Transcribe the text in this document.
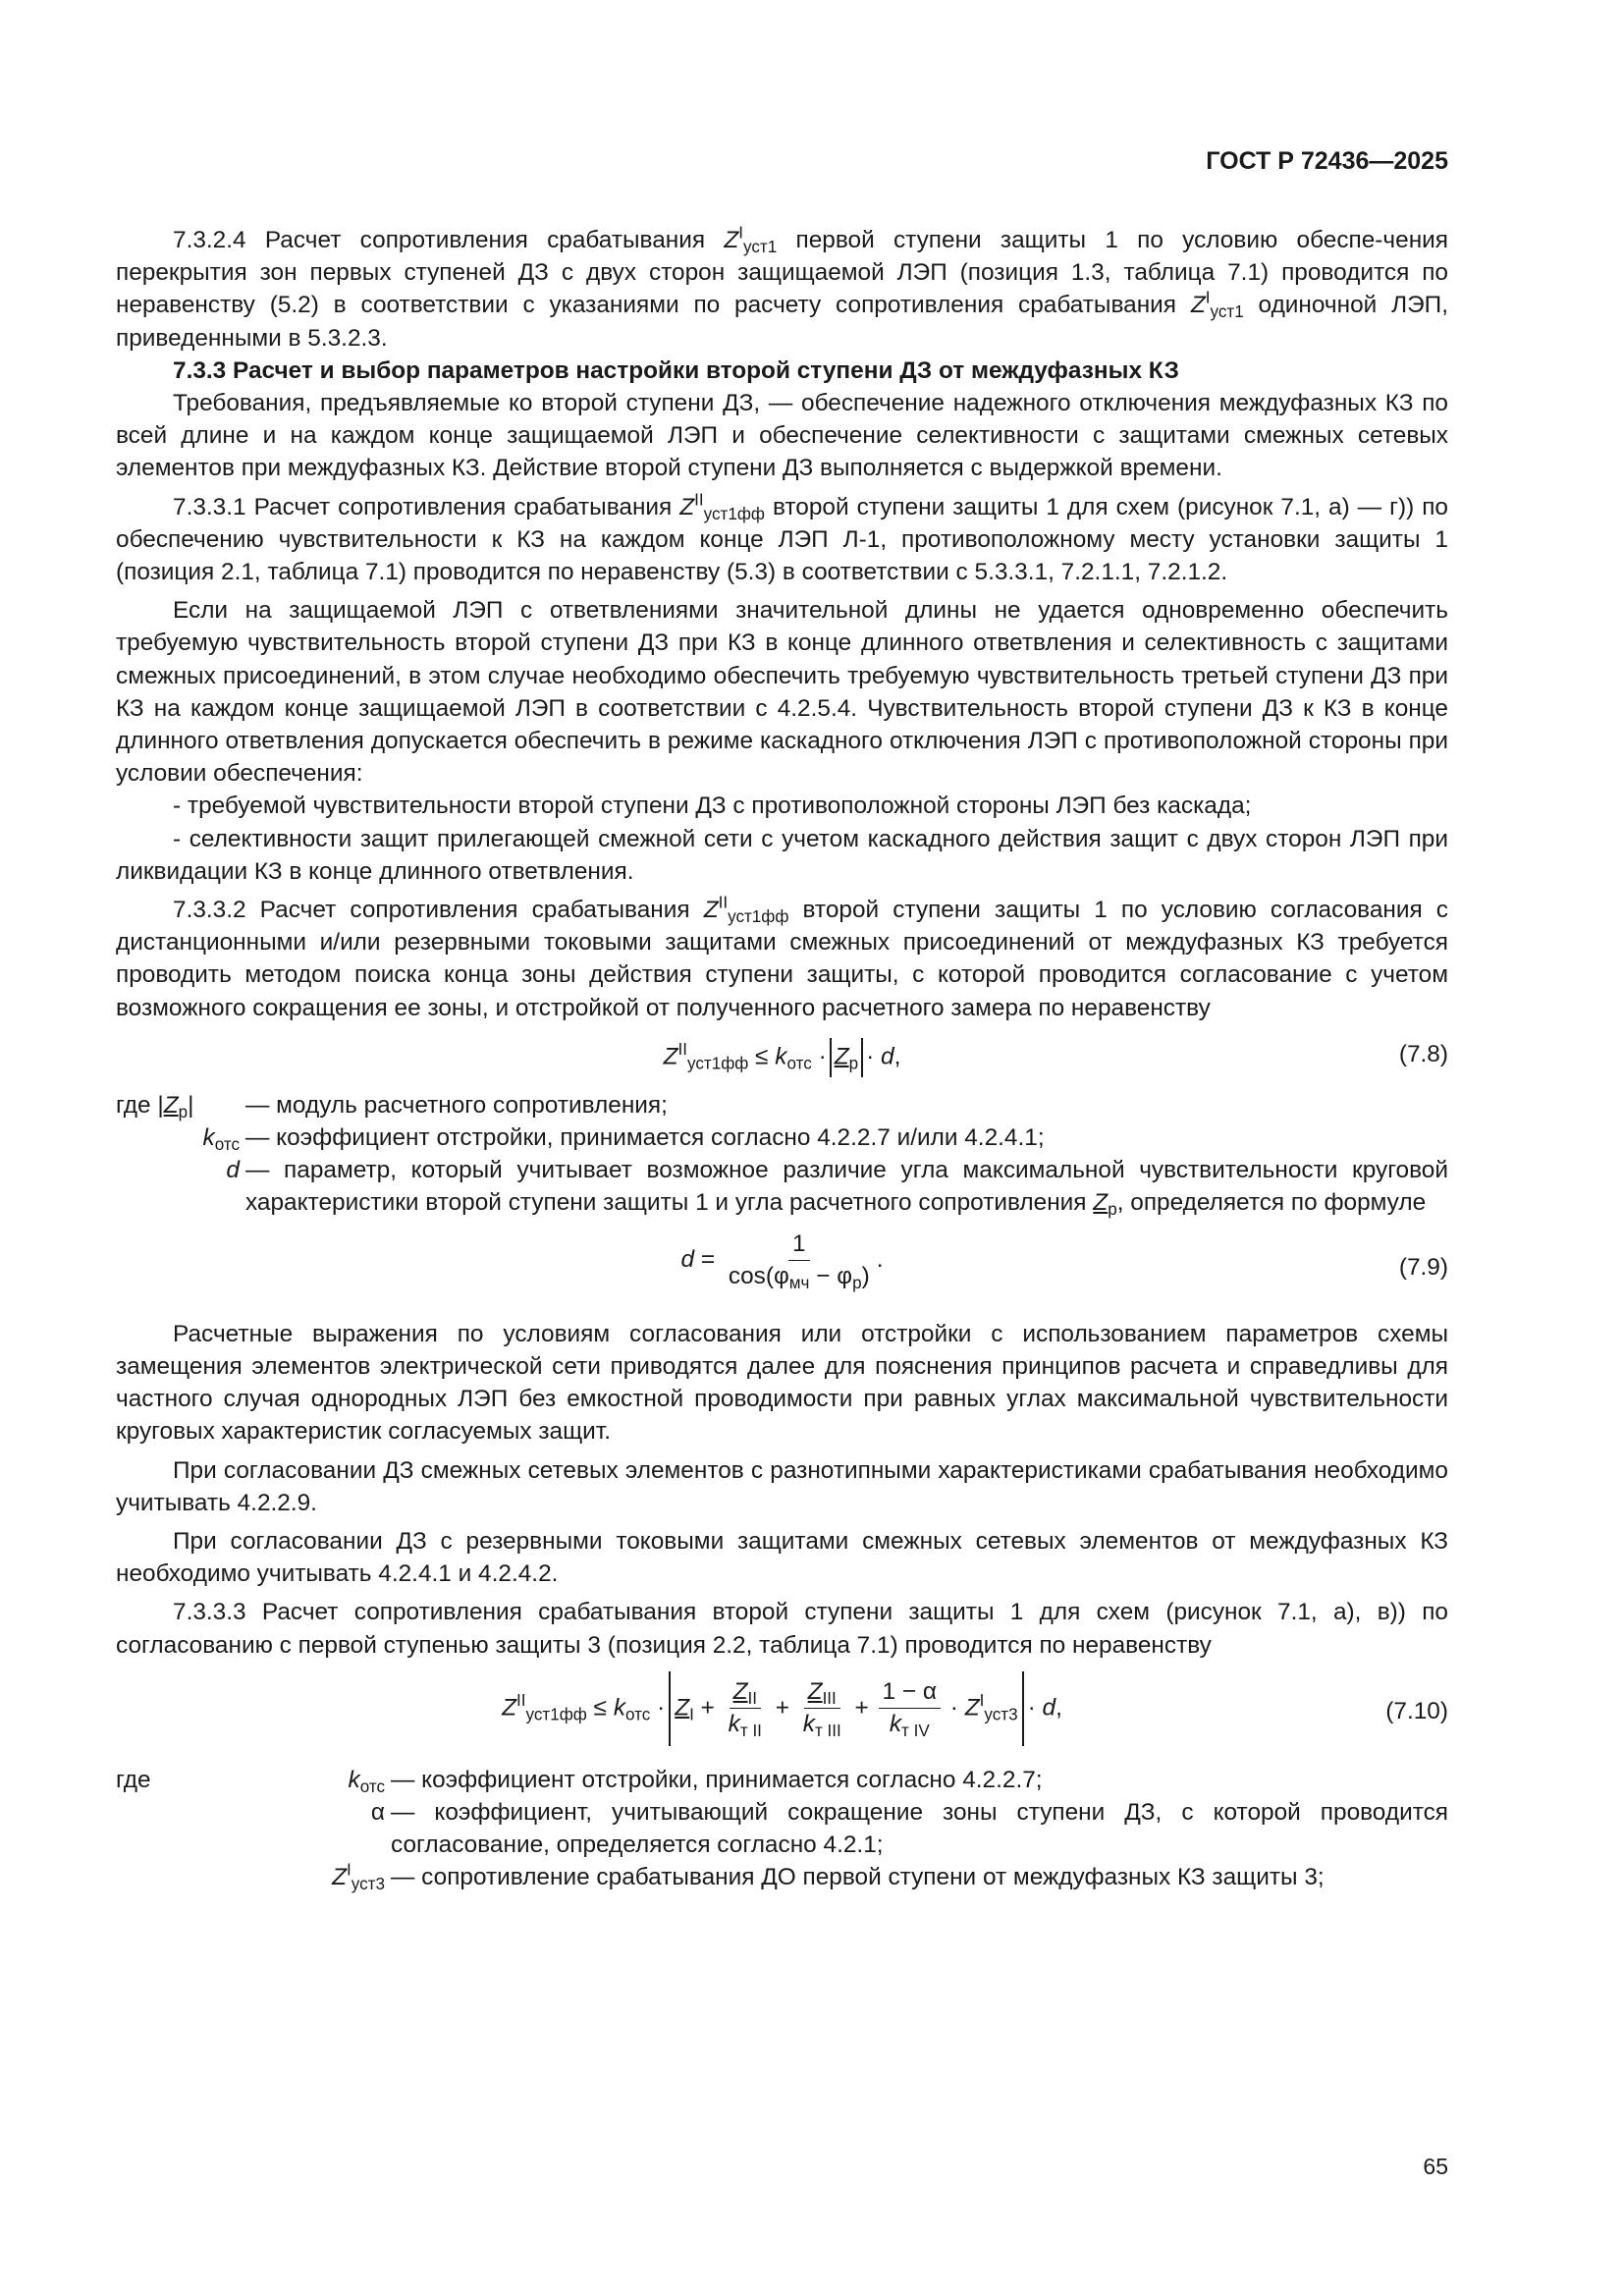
ГОСТ Р 72436—2025

7.3.2.4 Расчет сопротивления срабатывания $Z^I_{уст1}$ первой ступени защиты 1 по условию обеспе-чения перекрытия зон первых ступеней ДЗ с двух сторон защищаемой ЛЭП (позиция 1.3, таблица 7.1) проводится по неравенству (5.2) в соответствии с указаниями по расчету сопротивления срабатывания $Z^I_{уст1}$ одиночной ЛЭП, приведенными в 5.3.2.3.

7.3.3 Расчет и выбор параметров настройки второй ступени ДЗ от междуфазных КЗ

Требования, предъявляемые ко второй ступени ДЗ, — обеспечение надежного отключения междуфазных КЗ по всей длине и на каждом конце защищаемой ЛЭП и обеспечение селективности с защитами смежных сетевых элементов при междуфазных КЗ. Действие второй ступени ДЗ выполняется с выдержкой времени.

7.3.3.1 Расчет сопротивления срабатывания $Z^{II}_{уст1фф}$ второй ступени защиты 1 для схем (рисунок 7.1, а) — г)) по обеспечению чувствительности к КЗ на каждом конце ЛЭП Л-1, противоположному месту установки защиты 1 (позиция 2.1, таблица 7.1) проводится по неравенству (5.3) в соответствии с 5.3.3.1, 7.2.1.1, 7.2.1.2.

Если на защищаемой ЛЭП с ответвлениями значительной длины не удается одновременно обеспечить требуемую чувствительность второй ступени ДЗ при КЗ в конце длинного ответвления и селективность с защитами смежных присоединений, в этом случае необходимо обеспечить требуемую чувствительность третьей ступени ДЗ при КЗ на каждом конце защищаемой ЛЭП в соответствии с 4.2.5.4. Чувствительность второй ступени ДЗ к КЗ в конце длинного ответвления допускается обеспечить в режиме каскадного отключения ЛЭП с противоположной стороны при условии обеспечения:

- требуемой чувствительности второй ступени ДЗ с противоположной стороны ЛЭП без каскада;

- селективности защит прилегающей смежной сети с учетом каскадного действия защит с двух сторон ЛЭП при ликвидации КЗ в конце длинного ответвления.

7.3.3.2 Расчет сопротивления срабатывания $Z^{II}_{уст1фф}$ второй ступени защиты 1 по условию согласования с дистанционными и/или резервными токовыми защитами смежных присоединений от междуфазных КЗ требуется проводить методом поиска конца зоны действия ступени защиты, с которой проводится согласование с учетом возможного сокращения ее зоны, и отстройкой от полученного расчетного замера по неравенству

$Z^{II}_{уст1фф} \le k_{отс} \cdot Z_р \cdot d$,	(7.8)
где $|Z_р|$ — модуль расчетного сопротивления;
$k_{отс}$ — коэффициент отстройки, принимается согласно 4.2.2.7 и/или 4.2.4.1;
d — параметр, который учитывает возможное различие угла максимальной чувствительности круговой характеристики второй ступени защиты 1 и угла расчетного сопротивления $Z_р$, определяется по формуле
$d = \frac{1}{\cos(\varphi_{мч} - \varphi_р)}$ .	(7.9)

Расчетные выражения по условиям согласования или отстройки с использованием параметров схемы замещения элементов электрической сети приводятся далее для пояснения принципов расчета и справедливы для частного случая однородных ЛЭП без емкостной проводимости при равных углах максимальной чувствительности круговых характеристик согласуемых защит.

При согласовании ДЗ смежных сетевых элементов с разнотипными характеристиками срабатывания необходимо учитывать 4.2.2.9.

При согласовании ДЗ с резервными токовыми защитами смежных сетевых элементов от междуфазных КЗ необходимо учитывать 4.2.4.1 и 4.2.4.2.

7.3.3.3 Расчет сопротивления срабатывания второй ступени защиты 1 для схем (рисунок 7.1, а), в)) по согласованию с первой ступенью защиты 3 (позиция 2.2, таблица 7.1) проводится по неравенству

$Z^{II}_{уст1фф} \le k_{отс} \cdot Z_I + \frac{Z_{II}}{k_{т II}} + \frac{Z_{III}}{k_{т III}} + \frac{1 - \alpha}{k_{т IV}} \cdot Z^I_{уст3} \cdot d$,	(7.10)
где	$k_{отс}$ — коэффициент отстройки, принимается согласно 4.2.2.7;
α — коэффициент, учитывающий сокращение зоны ступени ДЗ, с которой проводится согласование, определяется согласно 4.2.1;
$Z^I_{уст3}$ — сопротивление срабатывания ДО первой ступени от междуфазных КЗ защиты 3;
65
